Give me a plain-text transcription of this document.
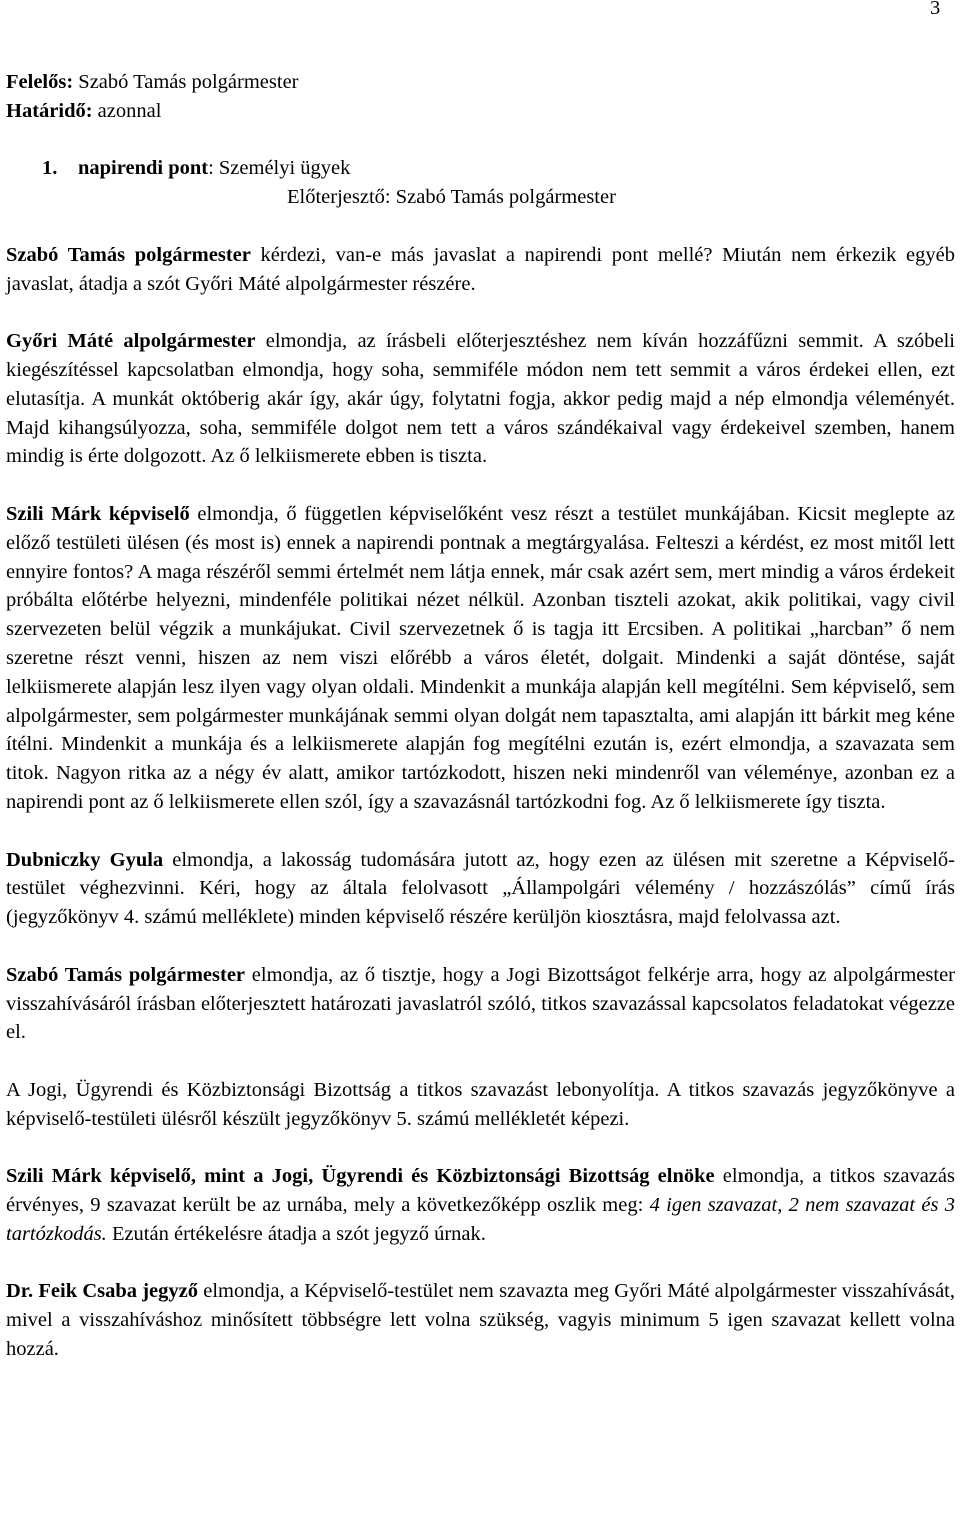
3

Felelős: Szabó Tamás polgármester

Határidő: azonnal

1. napirendi pont: Személyi ügyek
Előterjesztő: Szabó Tamás polgármester

Szabó Tamás polgármester kérdezi, van-e más javaslat a napirendi pont mellé? Miután nem érkezik egyéb javaslat, átadja a szót Győri Máté alpolgármester részére.

Győri Máté alpolgármester elmondja, az írásbeli előterjesztéshez nem kíván hozzáfűzni semmit. A szóbeli kiegészítéssel kapcsolatban elmondja, hogy soha, semmiféle módon nem tett semmit a város érdekei ellen, ezt elutasítja. A munkát októberig akár így, akár úgy, folytatni fogja, akkor pedig majd a nép elmondja véleményét. Majd kihangsúlyozza, soha, semmiféle dolgot nem tett a város szándékaival vagy érdekeivel szemben, hanem mindig is érte dolgozott. Az ő lelkiismerete ebben is tiszta.

Szili Márk képviselő elmondja, ő független képviselőként vesz részt a testület munkájában. Kicsit meglepte az előző testületi ülésen (és most is) ennek a napirendi pontnak a megtárgyalása. Felteszi a kérdést, ez most mitől lett ennyire fontos? A maga részéről semmi értelmét nem látja ennek, már csak azért sem, mert mindig a város érdekeit próbálta előtérbe helyezni, mindenféle politikai nézet nélkül. Azonban tiszteli azokat, akik politikai, vagy civil szervezeten belül végzik a munkájukat. Civil szervezetnek ő is tagja itt Ercsiben. A politikai „harcban” ő nem szeretne részt venni, hiszen az nem viszi előrébb a város életét, dolgait. Mindenki a saját döntése, saját lelkiismerete alapján lesz ilyen vagy olyan oldali. Mindenkit a munkája alapján kell megítélni. Sem képviselő, sem alpolgármester, sem polgármester munkájának semmi olyan dolgát nem tapasztalta, ami alapján itt bárkit meg kéne ítélni. Mindenkit a munkája és a lelkiismerete alapján fog megítélni ezután is, ezért elmondja, a szavazata sem titok. Nagyon ritka az a négy év alatt, amikor tartózkodott, hiszen neki mindenről van véleménye, azonban ez a napirendi pont az ő lelkiismerete ellen szól, így a szavazásnál tartózkodni fog. Az ő lelkiismerete így tiszta.

Dubniczky Gyula elmondja, a lakosság tudomására jutott az, hogy ezen az ülésen mit szeretne a Képviselő-testület véghezvinni. Kéri, hogy az általa felolvasott „Állampolgári vélemény / hozzászólás” című írás (jegyzőkönyv 4. számú melléklete) minden képviselő részére kerüljön kiosztásra, majd felolvassa azt.

Szabó Tamás polgármester elmondja, az ő tisztje, hogy a Jogi Bizottságot felkérje arra, hogy az alpolgármester visszahívásáról írásban előterjesztett határozati javaslatról szóló, titkos szavazással kapcsolatos feladatokat végezze el.

A Jogi, Ügyrendi és Közbiztonsági Bizottság a titkos szavazást lebonyolítja. A titkos szavazás jegyzőkönyve a képviselő-testületi ülésről készült jegyzőkönyv 5. számú mellékletét képezi.

Szili Márk képviselő, mint a Jogi, Ügyrendi és Közbiztonsági Bizottság elnöke elmondja, a titkos szavazás érvényes, 9 szavazat került be az urnába, mely a következőképp oszlik meg: 4 igen szavazat, 2 nem szavazat és 3 tartózkodás. Ezután értékelésre átadja a szót jegyző úrnak.

Dr. Feik Csaba jegyző elmondja, a Képviselő-testület nem szavazta meg Győri Máté alpolgármester visszahívását, mivel a visszahíváshoz minősített többségre lett volna szükség, vagyis minimum 5 igen szavazat kellett volna hozzá.
